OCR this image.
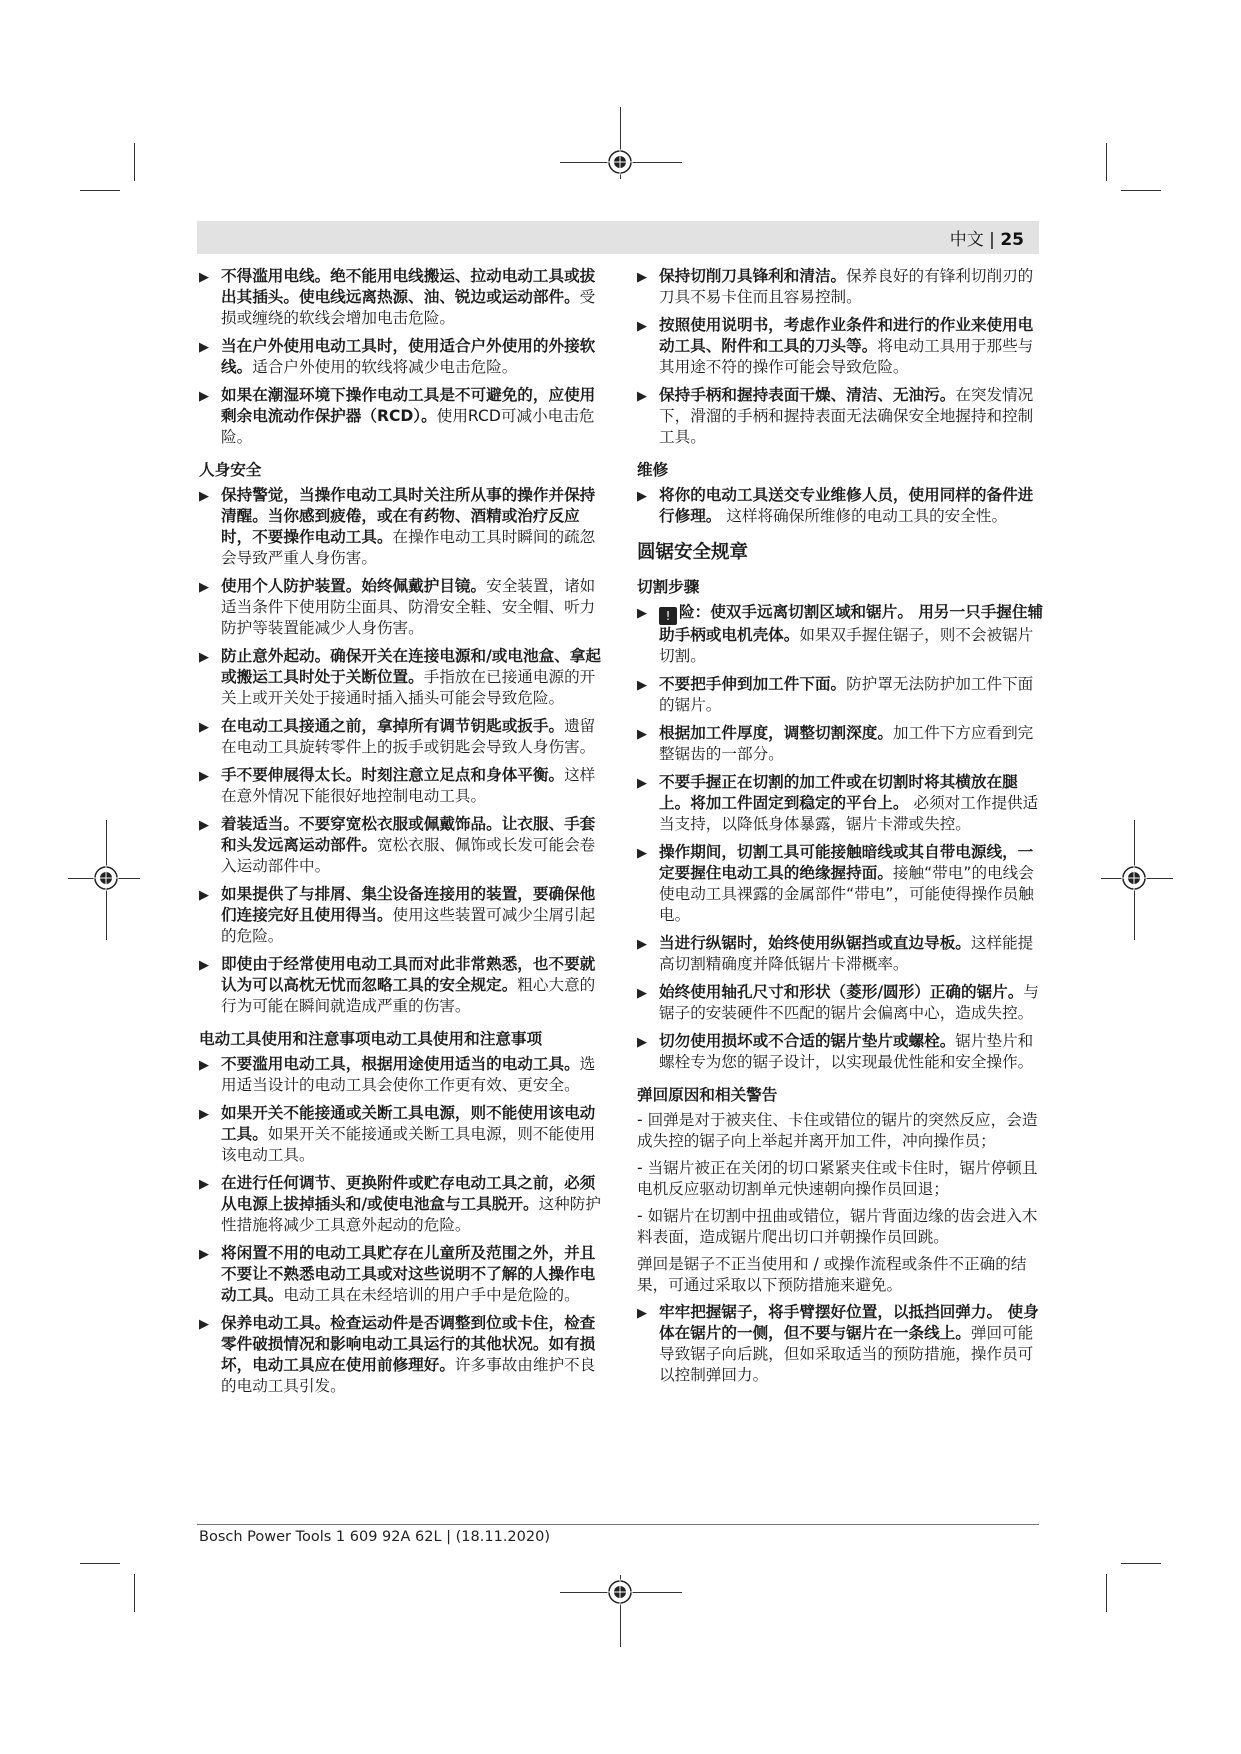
中文 | 25
▶ 不得滥用电线。绝不能用电线搬运、拉动电动工具或拔出其插头。使电线远离热源、油、锐边或运动部件。受损或缠绕的软线会增加电击危险。
▶ 当在户外使用电动工具时，使用适合户外使用的外接软线。适合户外使用的软线将减少电击危险。
▶ 如果在潮湿环境下操作电动工具是不可避免的，应使用剩余电流动作保护器（RCD）。使用RCD可减小电击危险。
人身安全
▶ 保持警觉，当操作电动工具时关注所从事的操作并保持清醒。当你感到疲倦，或在有药物、酒精或治疗反应时，不要操作电动工具。在操作电动工具时瞬间的疏忽会导致严重人身伤害。
▶ 使用个人防护装置。始终佩戴护目镜。安全装置，诸如适当条件下使用防尘面具、防滑安全鞋、安全帽、听力防护等装置能减少人身伤害。
▶ 防止意外起动。确保开关在连接电源和/或电池盒、拿起或搬运工具时处于关断位置。手指放在已接通电源的开关上或开关处于接通时插入插头可能会导致危险。
▶ 在电动工具接通之前，拿掉所有调节钥匙或扳手。遗留在电动工具旋转零件上的扳手或钥匙会导致人身伤害。
▶ 手不要伸展得太长。时刻注意立足点和身体平衡。这样在意外情况下能很好地控制电动工具。
▶ 着装适当。不要穿宽松衣服或佩戴饰品。让衣服、手套和头发远离运动部件。宽松衣服、佩饰或长发可能会卷入运动部件中。
▶ 如果提供了与排屑、集尘设备连接用的装置，要确保他们连接完好且使用得当。使用这些装置可减少尘屑引起的危险。
▶ 即使由于经常使用电动工具而对此非常熟悉，也不要就认为可以高枕无忧而忽略工具的安全规定。粗心大意的行为可能在瞬间就造成严重的伤害。
电动工具使用和注意事项电动工具使用和注意事项
▶ 不要滥用电动工具，根据用途使用适当的电动工具。选用适当设计的电动工具会使你工作更有效、更安全。
▶ 如果开关不能接通或关断工具电源，则不能使用该电动工具。如果开关不能接通或关断工具电源，则不能使用该电动工具。
▶ 在进行任何调节、更换附件或贮存电动工具之前，必须从电源上拔掉插头和/或使电池盒与工具脱开。这种防护性措施将减少工具意外起动的危险。
▶ 将闲置不用的电动工具贮存在儿童所及范围之外，并且不要让不熟悉电动工具或对这些说明不了解的人操作电动工具。电动工具在未经培训的用户手中是危险的。
▶ 保养电动工具。检查运动件是否调整到位或卡住，检查零件破损情况和影响电动工具运行的其他状况。如有损坏，电动工具应在使用前修理好。许多事故由维护不良的电动工具引发。
▶ 保持切削刀具锋利和清洁。保养良好的有锋利切削刃的刀具不易卡住而且容易控制。
▶ 按照使用说明书，考虑作业条件和进行的作业来使用电动工具、附件和工具的刀头等。将电动工具用于那些与其用途不符的操作可能会导致危险。
▶ 保持手柄和握持表面干燥、清洁、无油污。在突发情况下，滑溜的手柄和握持表面无法确保安全地握持和控制工具。
维修
▶ 将你的电动工具送交专业维修人员，使用同样的备件进行修理。 这样将确保所维修的电动工具的安全性。
圆锯安全规章
切割步骤
▶ ! 险：使双手远离切割区域和锯片。 用另一只手握住辅助手柄或电机壳体。如果双手握住锯子，则不会被锯片切割。
▶ 不要把手伸到加工件下面。防护罩无法防护加工件下面的锯片。
▶ 根据加工件厚度，调整切割深度。加工件下方应看到完整锯齿的一部分。
▶ 不要手握正在切割的加工件或在切割时将其横放在腿上。将加工件固定到稳定的平台上。 必须对工作提供适当支持，以降低身体暴露，锯片卡滞或失控。
▶ 操作期间，切割工具可能接触暗线或其自带电源线，一定要握住电动工具的绝缘握持面。接触“带电”的电线会使电动工具裸露的金属部件“带电”，可能使得操作员触电。
▶ 当进行纵锯时，始终使用纵锯挡或直边导板。这样能提高切割精确度并降低锯片卡滞概率。
▶ 始终使用轴孔尺寸和形状（菱形/圆形）正确的锯片。与锯子的安装硬件不匹配的锯片会偏离中心，造成失控。
▶ 切勿使用损坏或不合适的锯片垫片或螺栓。锯片垫片和螺栓专为您的锯子设计，以实现最优性能和安全操作。
弹回原因和相关警告
- 回弹是对于被夹住、卡住或错位的锯片的突然反应，会造成失控的锯子向上举起并离开加工件，冲向操作员；
- 当锯片被正在关闭的切口紧紧夹住或卡住时，锯片停顿且电机反应驱动切割单元快速朝向操作员回退；
- 如锯片在切割中扭曲或错位，锯片背面边缘的齿会进入木料表面，造成锯片爬出切口并朝操作员回跳。
弹回是锯子不正当使用和 / 或操作流程或条件不正确的结果，可通过采取以下预防措施来避免。
▶ 牢牢把握锯子，将手臂摆好位置，以抵挡回弹力。 使身体在锯片的一侧，但不要与锯片在一条线上。弹回可能导致锯子向后跳，但如采取适当的预防措施，操作员可以控制弹回力。
Bosch Power Tools 1 609 92A 62L | (18.11.2020)
